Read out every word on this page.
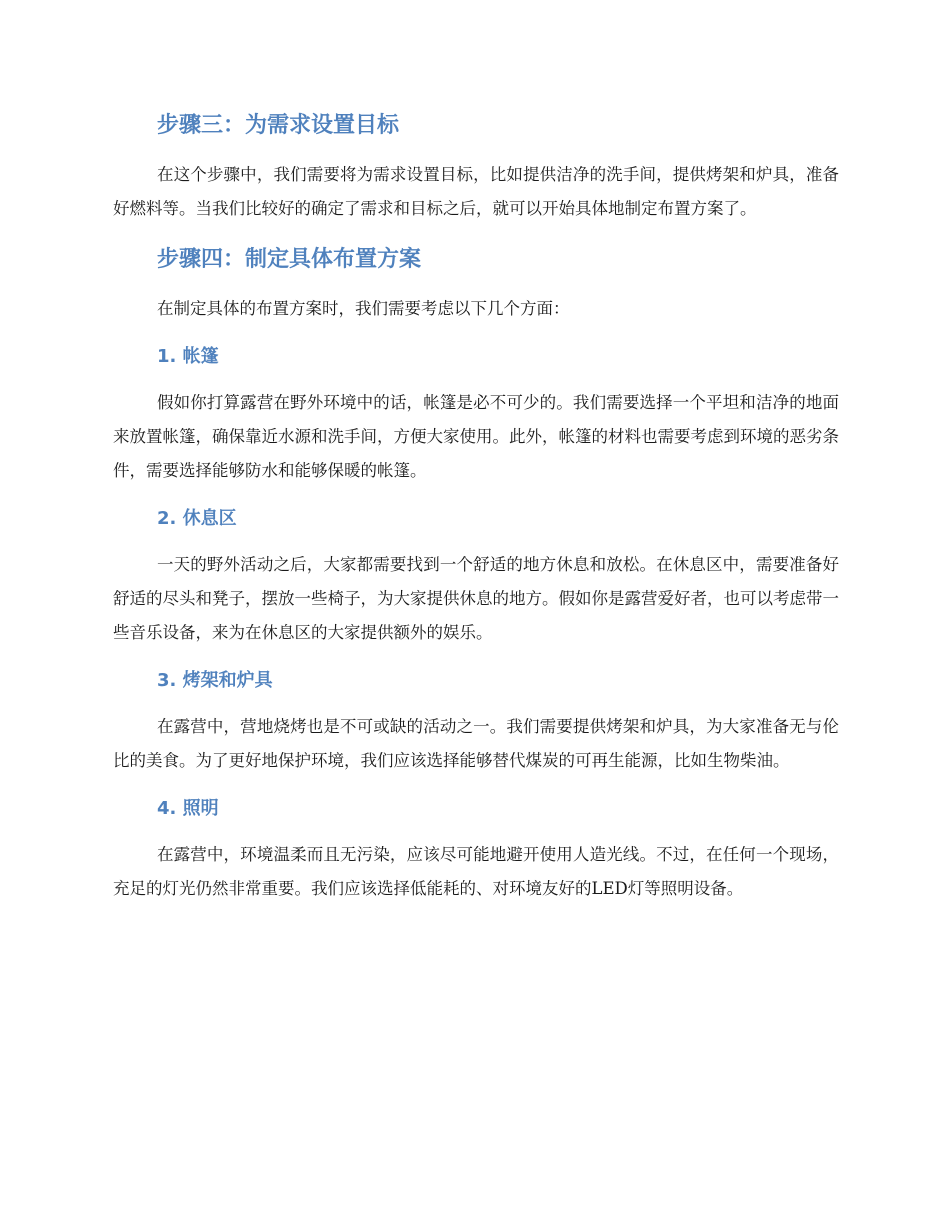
步骤三：为需求设置目标

在这个步骤中，我们需要将为需求设置目标，比如提供洁净的洗手间，提供烤架和炉具，准备好燃料等。当我们比较好的确定了需求和目标之后，就可以开始具体地制定布置方案了。

步骤四：制定具体布置方案

在制定具体的布置方案时，我们需要考虑以下几个方面：

1. 帐篷

假如你打算露营在野外环境中的话，帐篷是必不可少的。我们需要选择一个平坦和洁净的地面来放置帐篷，确保靠近水源和洗手间，方便大家使用。此外，帐篷的材料也需要考虑到环境的恶劣条件，需要选择能够防水和能够保暖的帐篷。

2. 休息区

一天的野外活动之后，大家都需要找到一个舒适的地方休息和放松。在休息区中，需要准备好舒适的尽头和凳子，摆放一些椅子，为大家提供休息的地方。假如你是露营爱好者，也可以考虑带一些音乐设备，来为在休息区的大家提供额外的娱乐。

3. 烤架和炉具

在露营中，营地烧烤也是不可或缺的活动之一。我们需要提供烤架和炉具，为大家准备无与伦比的美食。为了更好地保护环境，我们应该选择能够替代煤炭的可再生能源，比如生物柴油。

4. 照明

在露营中，环境温柔而且无污染，应该尽可能地避开使用人造光线。不过，在任何一个现场，充足的灯光仍然非常重要。我们应该选择低能耗的、对环境友好的LED灯等照明设备。
